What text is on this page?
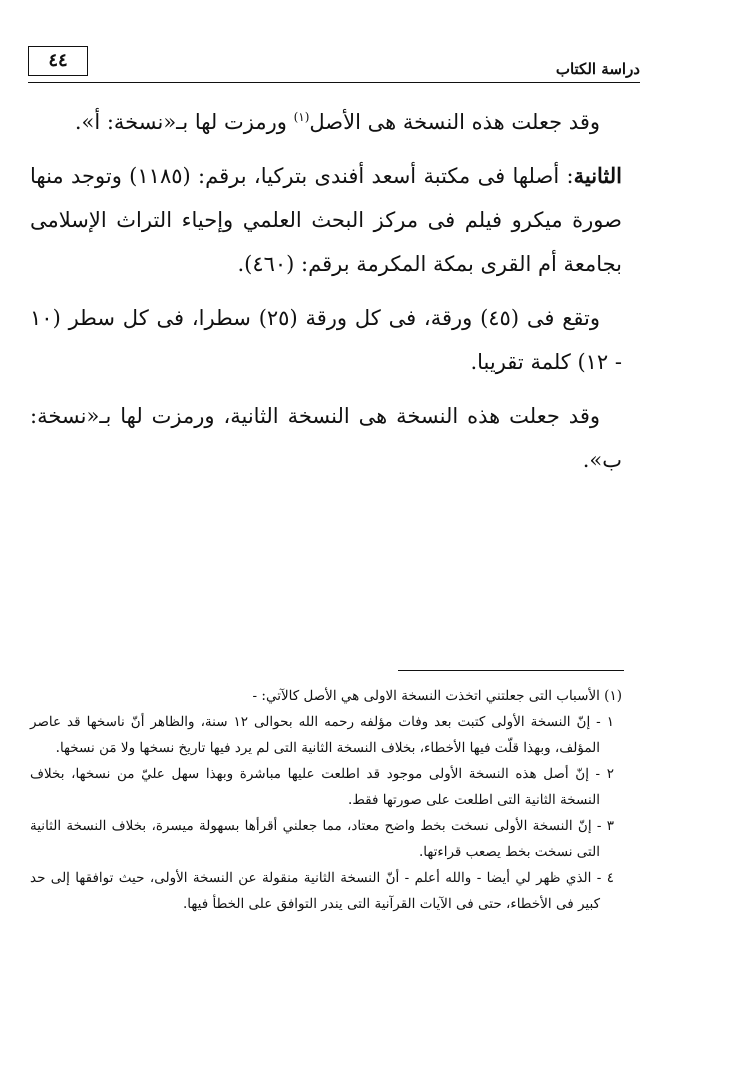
٤٤	دراسة الكتاب

وقد جعلت هذه النسخة هى الأصل$^{(١)}$ ورمزت لها بـ«نسخة: أ».

الثانية: أصلها فى مكتبة أسعد أفندى بتركيا، برقم: (١١٨٥) وتوجد منها صورة ميكرو فيلم فى مركز البحث العلمي وإحياء التراث الإسلامى بجامعة أم القرى بمكة المكرمة برقم: (٤٦٠).

وتقع فى (٤٥) ورقة، فى كل ورقة (٢٥) سطرا، فى كل سطر (١٠ - ١٢) كلمة تقريبا.

وقد جعلت هذه النسخة هى النسخة الثانية، ورمزت لها بـ«نسخة: ب».

(١) الأسباب التى جعلتني اتخذت النسخة الاولى هي الأصل كالآتي: -

١ - إنّ النسخة الأولى كتبت بعد وفات مؤلفه رحمه الله بحوالى ١٢ سنة، والظاهر أنّ ناسخها قد عاصر المؤلف، وبهذا قلّت فيها الأخطاء، بخلاف النسخة الثانية التى لم يرد فيها تاريخ نسخها ولا مَن نسخها.

٢ - إنّ أصل هذه النسخة الأولى موجود قد اطلعت عليها مباشرة وبهذا سهل عليّ من نسخها، بخلاف النسخة الثانية التى اطلعت على صورتها فقط.

٣ - إنّ النسخة الأولى نسخت بخط واضح معتاد، مما جعلني أقرأها بسهولة ميسرة، بخلاف النسخة الثانية التى نسخت بخط يصعب قراءتها.

٤ - الذي ظهر لي أيضا - والله أعلم - أنّ النسخة الثانية منقولة عن النسخة الأولى، حيث توافقها إلى حد كبير فى الأخطاء، حتى فى الآيات القرآنية التى يندر التوافق على الخطأ فيها.
